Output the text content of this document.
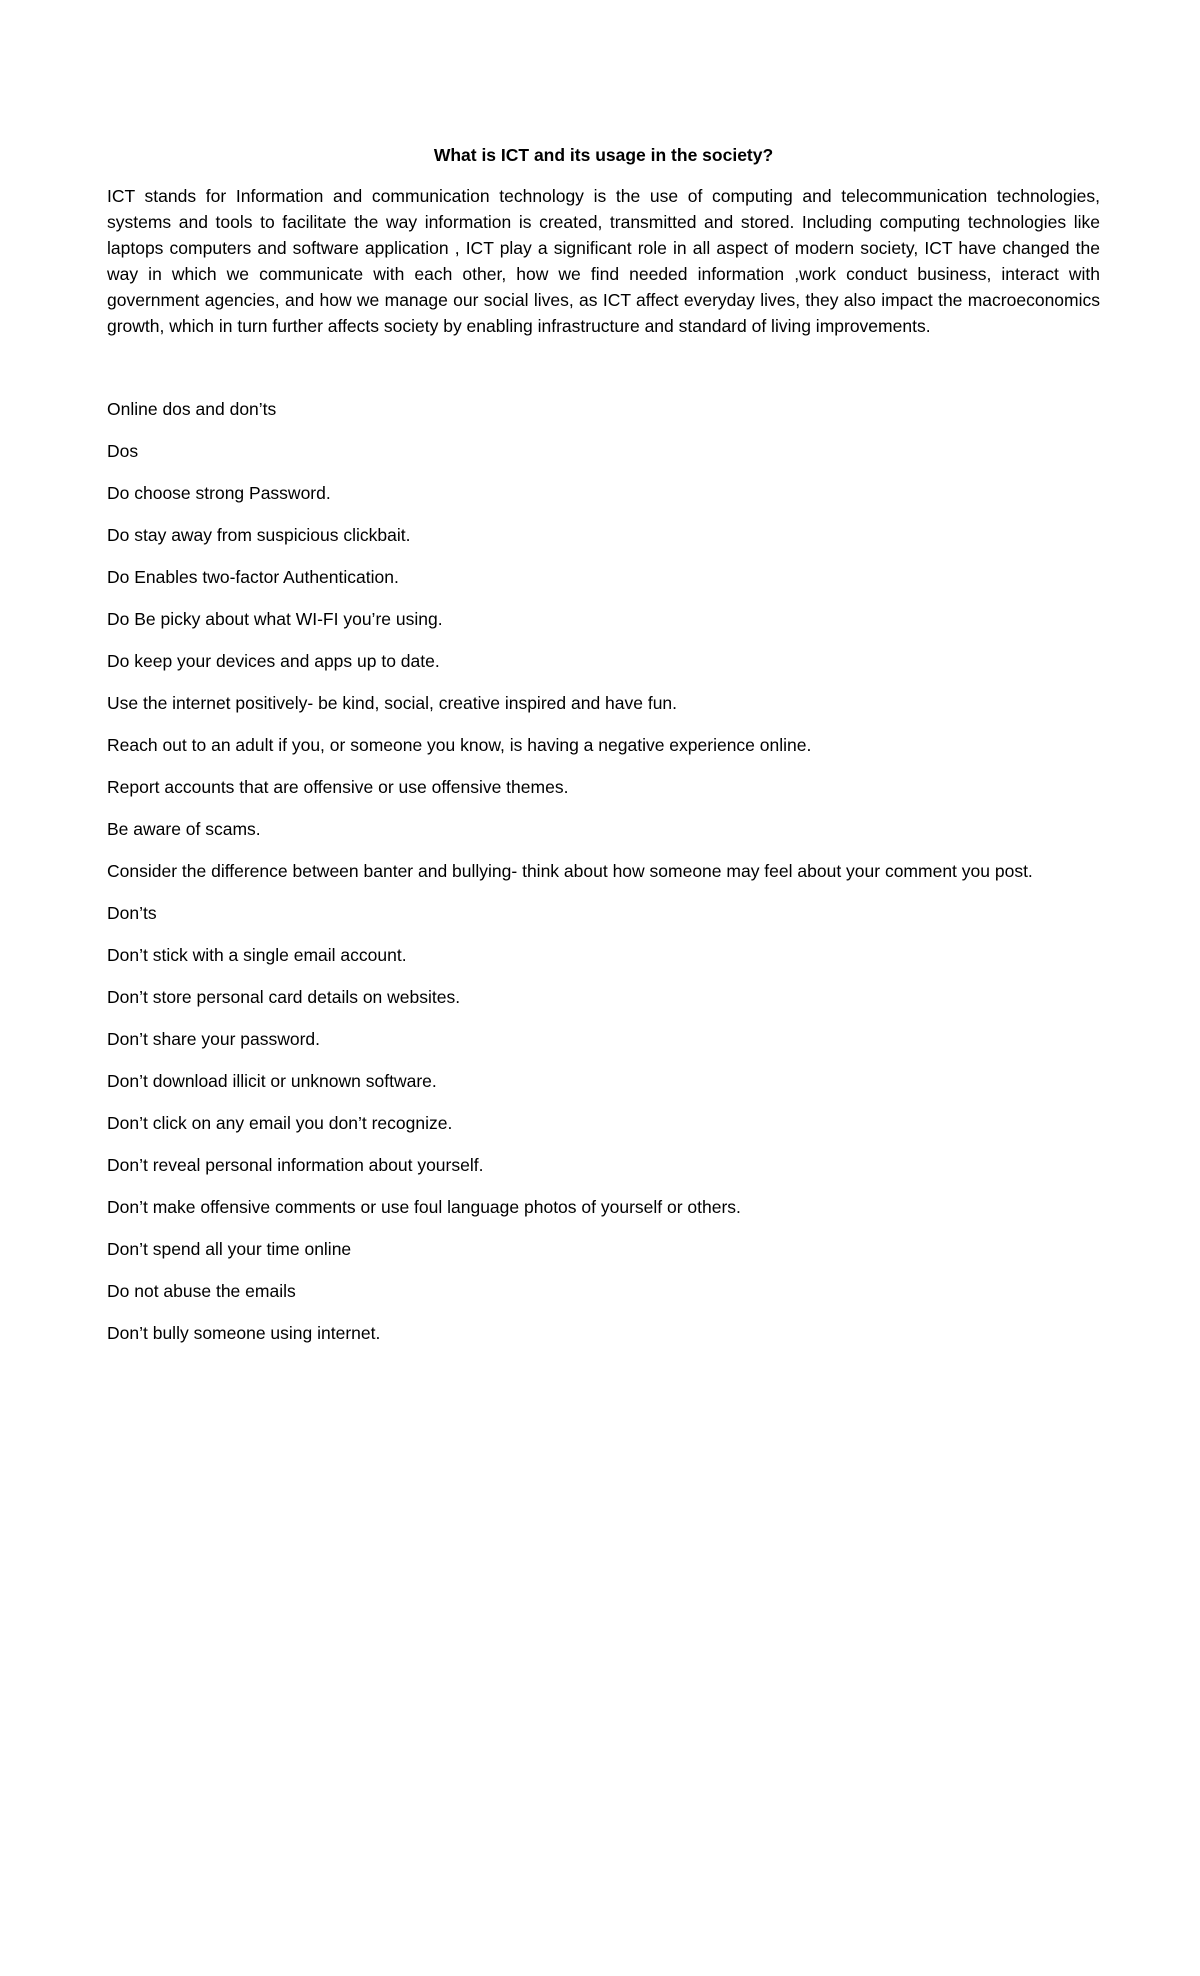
What is ICT and its usage in the society?
ICT stands for Information and communication technology is the use of computing and telecommunication technologies, systems and tools to facilitate the way information is created, transmitted and stored. Including computing technologies like laptops computers and software application , ICT play a significant role in all aspect of modern society, ICT have changed the way in which we communicate with each other, how we find needed information ,work conduct business, interact with government agencies, and how we manage our social lives, as ICT affect everyday lives, they also impact the macroeconomics growth, which in turn further affects society by enabling infrastructure and standard of living improvements.
Online dos and don’ts
Dos
Do choose strong Password.
Do stay away from suspicious clickbait.
Do Enables two-factor Authentication.
Do Be picky about what WI-FI you’re using.
Do keep your devices and apps up to date.
Use the internet positively- be kind, social, creative inspired and have fun.
Reach out to an adult if you, or someone you know, is having a negative experience online.
Report accounts that are offensive or use offensive themes.
Be aware of scams.
Consider the difference between banter and bullying- think about how someone may feel about your comment you post.
Don’ts
Don’t stick with a single email account.
Don’t store personal card details on websites.
Don’t share your password.
Don’t download illicit or unknown software.
Don’t click on any email you don’t recognize.
Don’t reveal personal information about yourself.
Don’t make offensive comments or use foul language photos of yourself or others.
Don’t spend all your time online
Do not abuse the emails
Don’t bully someone using internet.
